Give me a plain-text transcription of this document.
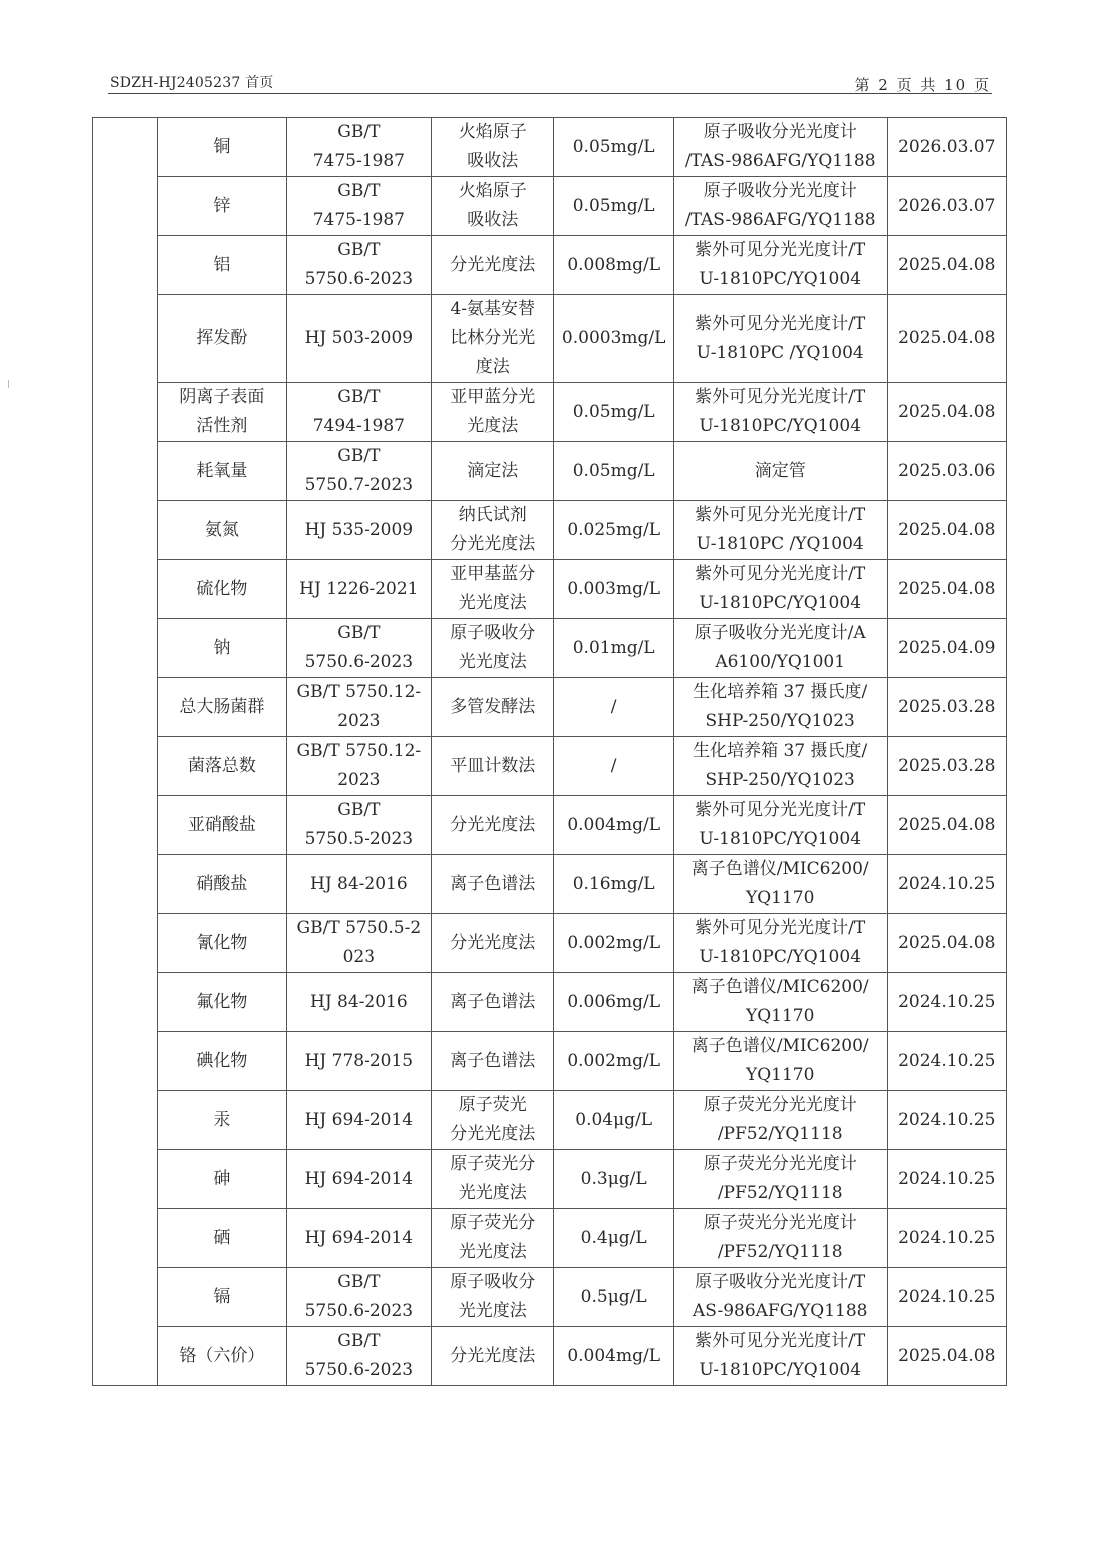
SDZH-HJ2405237 首页	第 2 页 共 10 页

	铜	GB/T
7475-1987	火焰原子
吸收法	0.05mg/L	原子吸收分光光度计
/TAS-986AFG/YQ1188	2026.03.07

	锌	GB/T
7475-1987	火焰原子
吸收法	0.05mg/L	原子吸收分光光度计
/TAS-986AFG/YQ1188	2026.03.07

	铝	GB/T
5750.6-2023	分光光度法	0.008mg/L	紫外可见分光光度计/T
U-1810PC/YQ1004	2025.04.08

	挥发酚	HJ 503-2009	4-氨基安替
比林分光光
度法	0.0003mg/L	紫外可见分光光度计/T
U-1810PC /YQ1004	2025.04.08

	阴离子表面
活性剂	GB/T
7494-1987	亚甲蓝分光
光度法	0.05mg/L	紫外可见分光光度计/T
U-1810PC/YQ1004	2025.04.08

	耗氧量	GB/T
5750.7-2023	滴定法	0.05mg/L	滴定管	2025.03.06

	氨氮	HJ 535-2009	纳氏试剂
分光光度法	0.025mg/L	紫外可见分光光度计/T
U-1810PC /YQ1004	2025.04.08

	硫化物	HJ 1226-2021	亚甲基蓝分
光光度法	0.003mg/L	紫外可见分光光度计/T
U-1810PC/YQ1004	2025.04.08

	钠	GB/T
5750.6-2023	原子吸收分
光光度法	0.01mg/L	原子吸收分光光度计/A
A6100/YQ1001	2025.04.09

	总大肠菌群	GB/T 5750.12-
2023	多管发酵法	/	生化培养箱 37 摄氏度/
SHP-250/YQ1023	2025.03.28

	菌落总数	GB/T 5750.12-
2023	平皿计数法	/	生化培养箱 37 摄氏度/
SHP-250/YQ1023	2025.03.28

	亚硝酸盐	GB/T
5750.5-2023	分光光度法	0.004mg/L	紫外可见分光光度计/T
U-1810PC/YQ1004	2025.04.08

	硝酸盐	HJ 84-2016	离子色谱法	0.16mg/L	离子色谱仪/MIC6200/
YQ1170	2024.10.25

	氰化物	GB/T 5750.5-2
023	分光光度法	0.002mg/L	紫外可见分光光度计/T
U-1810PC/YQ1004	2025.04.08

	氟化物	HJ 84-2016	离子色谱法	0.006mg/L	离子色谱仪/MIC6200/
YQ1170	2024.10.25

	碘化物	HJ 778-2015	离子色谱法	0.002mg/L	离子色谱仪/MIC6200/
YQ1170	2024.10.25

	汞	HJ 694-2014	原子荧光
分光光度法	0.04μg/L	原子荧光分光光度计
/PF52/YQ1118	2024.10.25

	砷	HJ 694-2014	原子荧光分
光光度法	0.3μg/L	原子荧光分光光度计
/PF52/YQ1118	2024.10.25

	硒	HJ 694-2014	原子荧光分
光光度法	0.4μg/L	原子荧光分光光度计
/PF52/YQ1118	2024.10.25

	镉	GB/T
5750.6-2023	原子吸收分
光光度法	0.5μg/L	原子吸收分光光度计/T
AS-986AFG/YQ1188	2024.10.25

	铬（六价）	GB/T
5750.6-2023	分光光度法	0.004mg/L	紫外可见分光光度计/T
U-1810PC/YQ1004	2025.04.08
